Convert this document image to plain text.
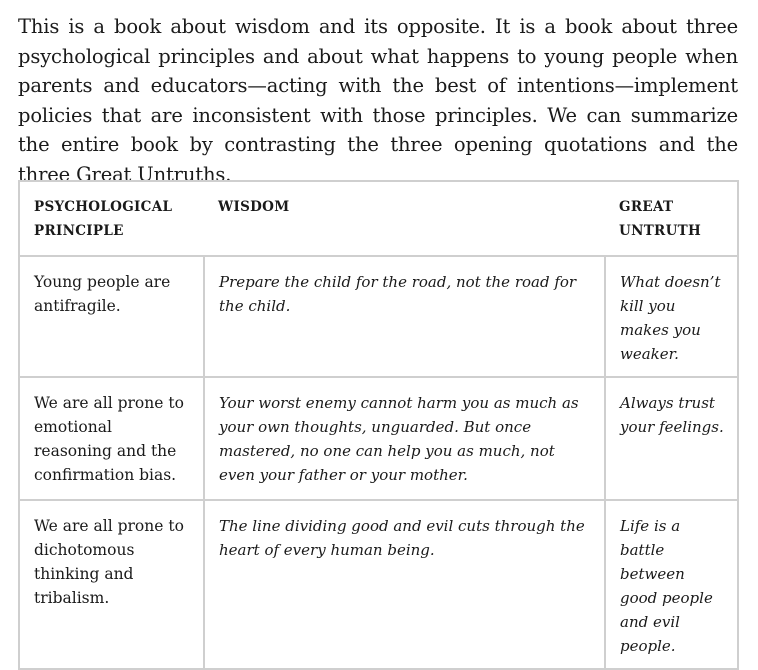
This is a book about wisdom and its opposite. It is a book about three psychological principles and about what happens to young people when parents and educators—acting with the best of intentions—implement policies that are inconsistent with those principles. We can summarize the entire book by contrasting the three opening quotations and the three Great Untruths.

PSYCHOLOGICAL PRINCIPLE	WISDOM	GREAT UNTRUTH
Young people are antifragile.	Prepare the child for the road, not the road for the child.	What doesn’t kill you makes you weaker.
We are all prone to emotional reasoning and the confirmation bias.	Your worst enemy cannot harm you as much as your own thoughts, unguarded. But once mastered, no one can help you as much, not even your father or your mother.	Always trust your feelings.
We are all prone to dichotomous thinking and tribalism.	The line dividing good and evil cuts through the heart of every human being.	Life is a battle between good people and evil people.
